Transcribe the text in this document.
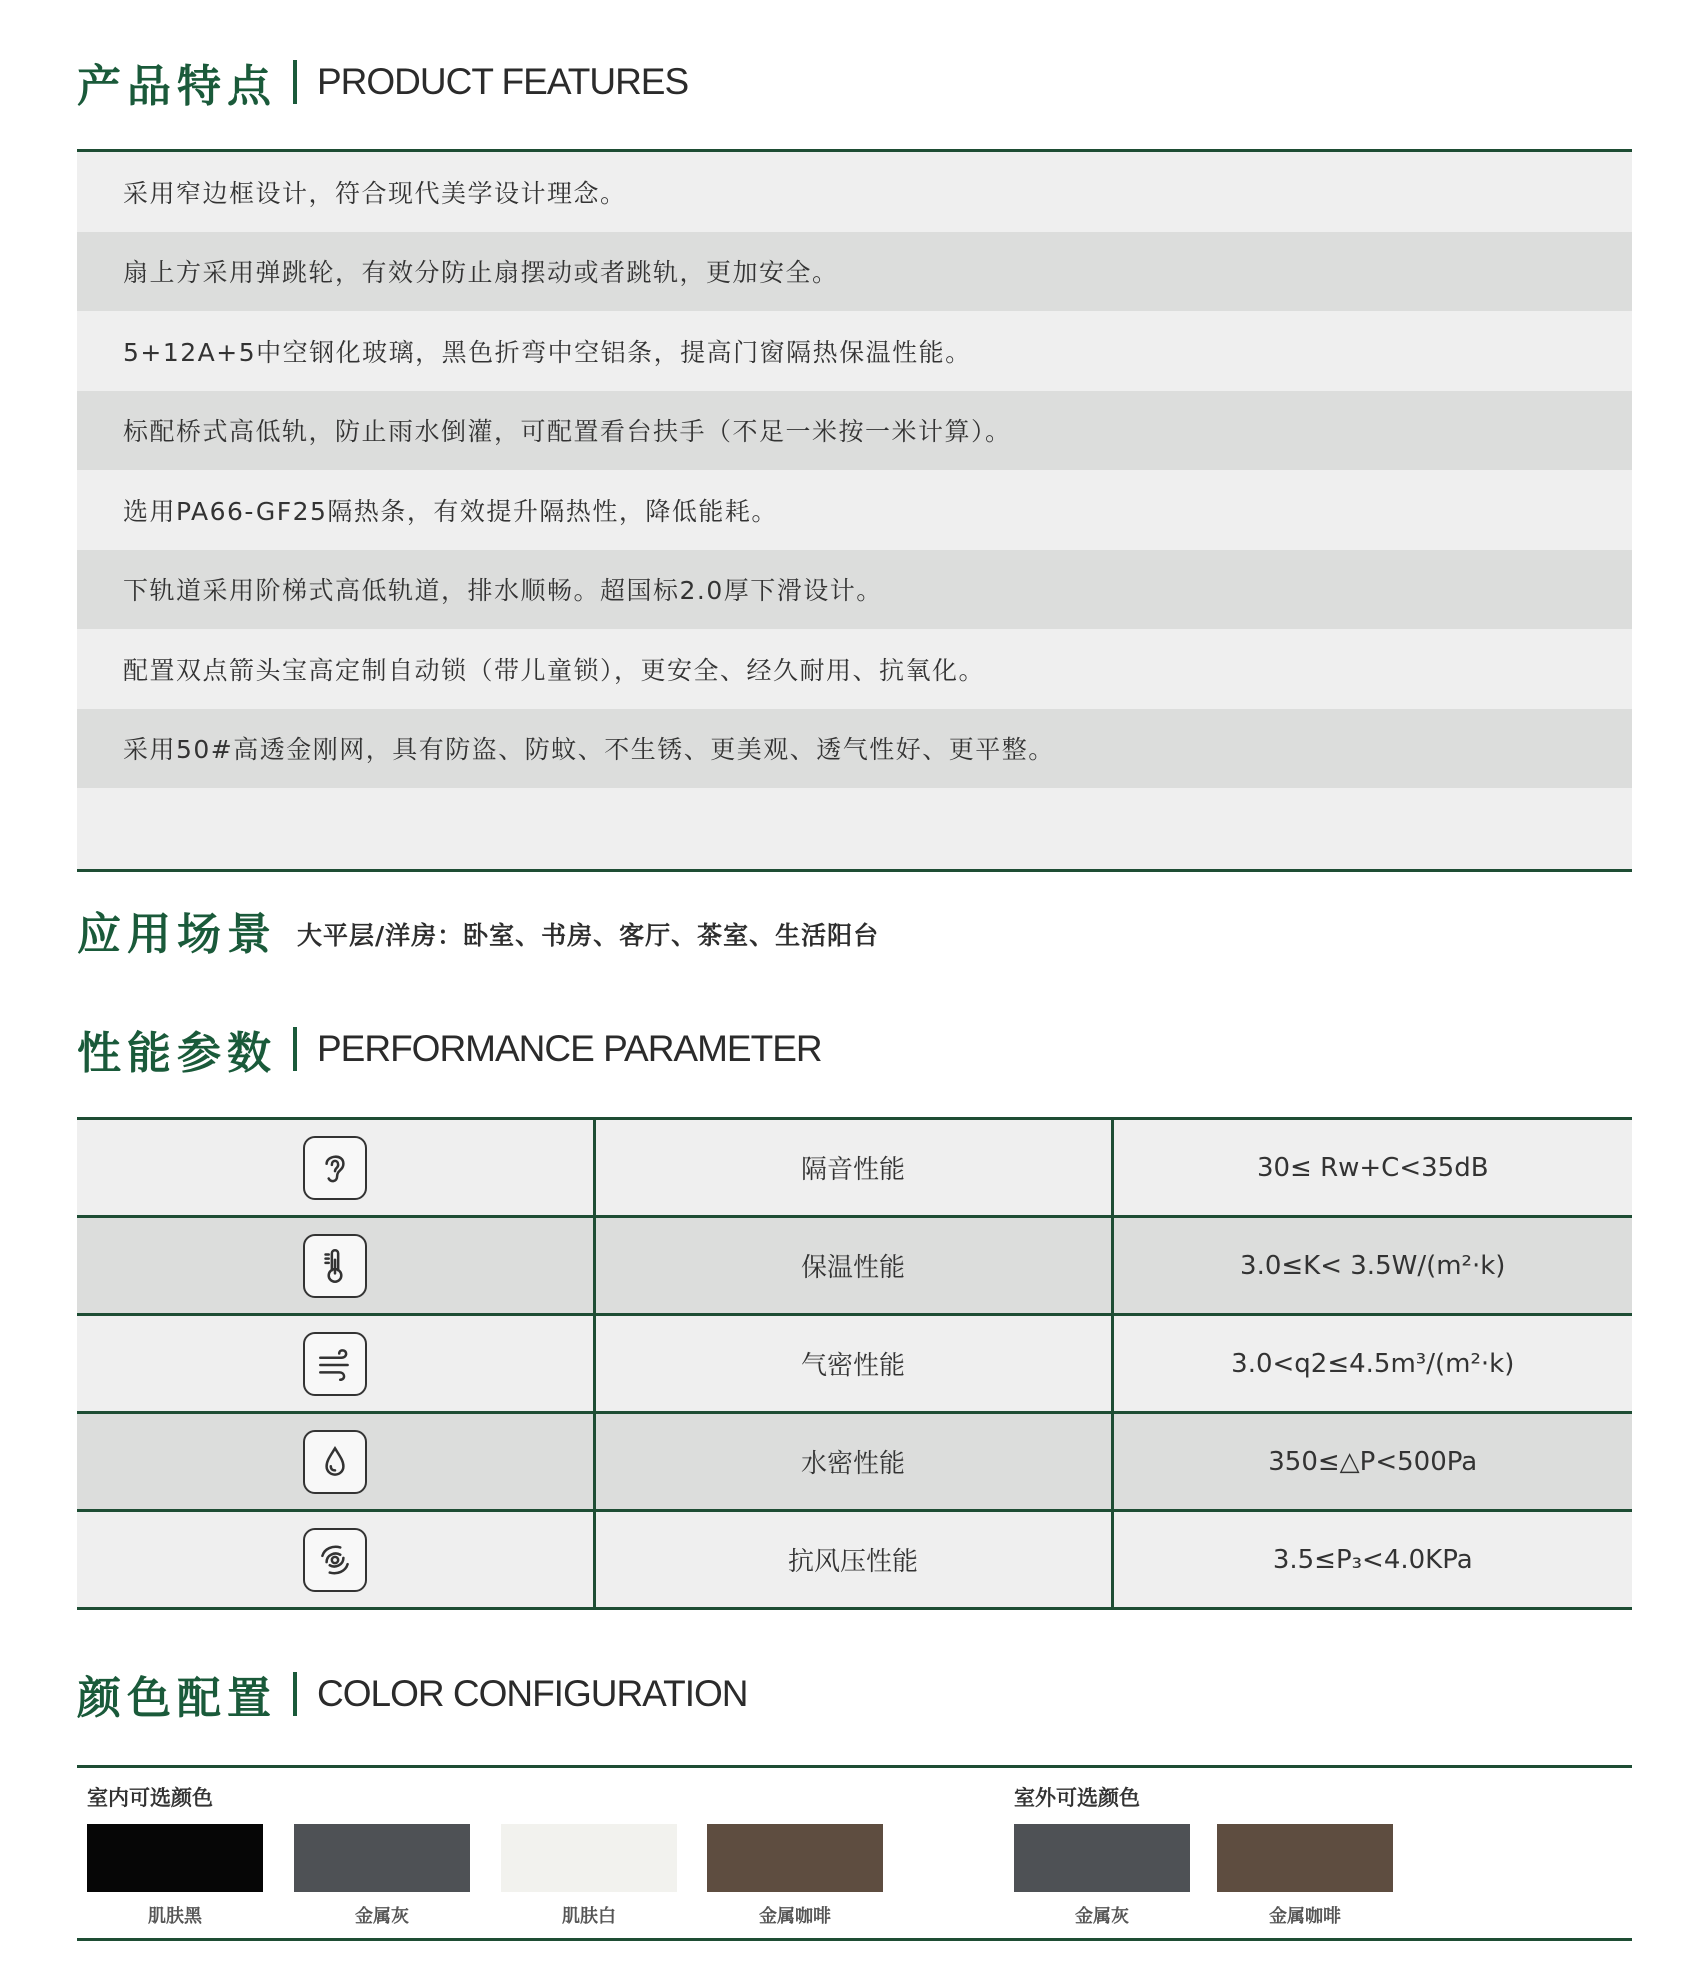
产品特点 PRODUCT FEATURES
采用窄边框设计，符合现代美学设计理念。
扇上方采用弹跳轮，有效分防止扇摆动或者跳轨，更加安全。
5+12A+5中空钢化玻璃，黑色折弯中空铝条，提高门窗隔热保温性能。
标配桥式高低轨，防止雨水倒灌，可配置看台扶手（不足一米按一米计算）。
选用PA66-GF25隔热条，有效提升隔热性，降低能耗。
下轨道采用阶梯式高低轨道，排水顺畅。超国标2.0厚下滑设计。
配置双点箭头宝高定制自动锁（带儿童锁），更安全、经久耐用、抗氧化。
采用50#高透金刚网，具有防盗、防蚊、不生锈、更美观、透气性好、更平整。
应用场景 大平层/洋房：卧室、书房、客厅、茶室、生活阳台
性能参数 PERFORMANCE PARAMETER
	隔音性能	30≤ Rw+C<35dB

	保温性能	3.0≤K< 3.5W/(m²·k)

	气密性能	3.0<q2≤4.5m³/(m²·k)

	水密性能	350≤△P<500Pa

	抗风压性能	3.5≤P₃<4.0KPa
颜色配置 COLOR CONFIGURATION
室内可选颜色	室外可选颜色
肌肤黑	金属灰	肌肤白	金属咖啡	金属灰	金属咖啡
